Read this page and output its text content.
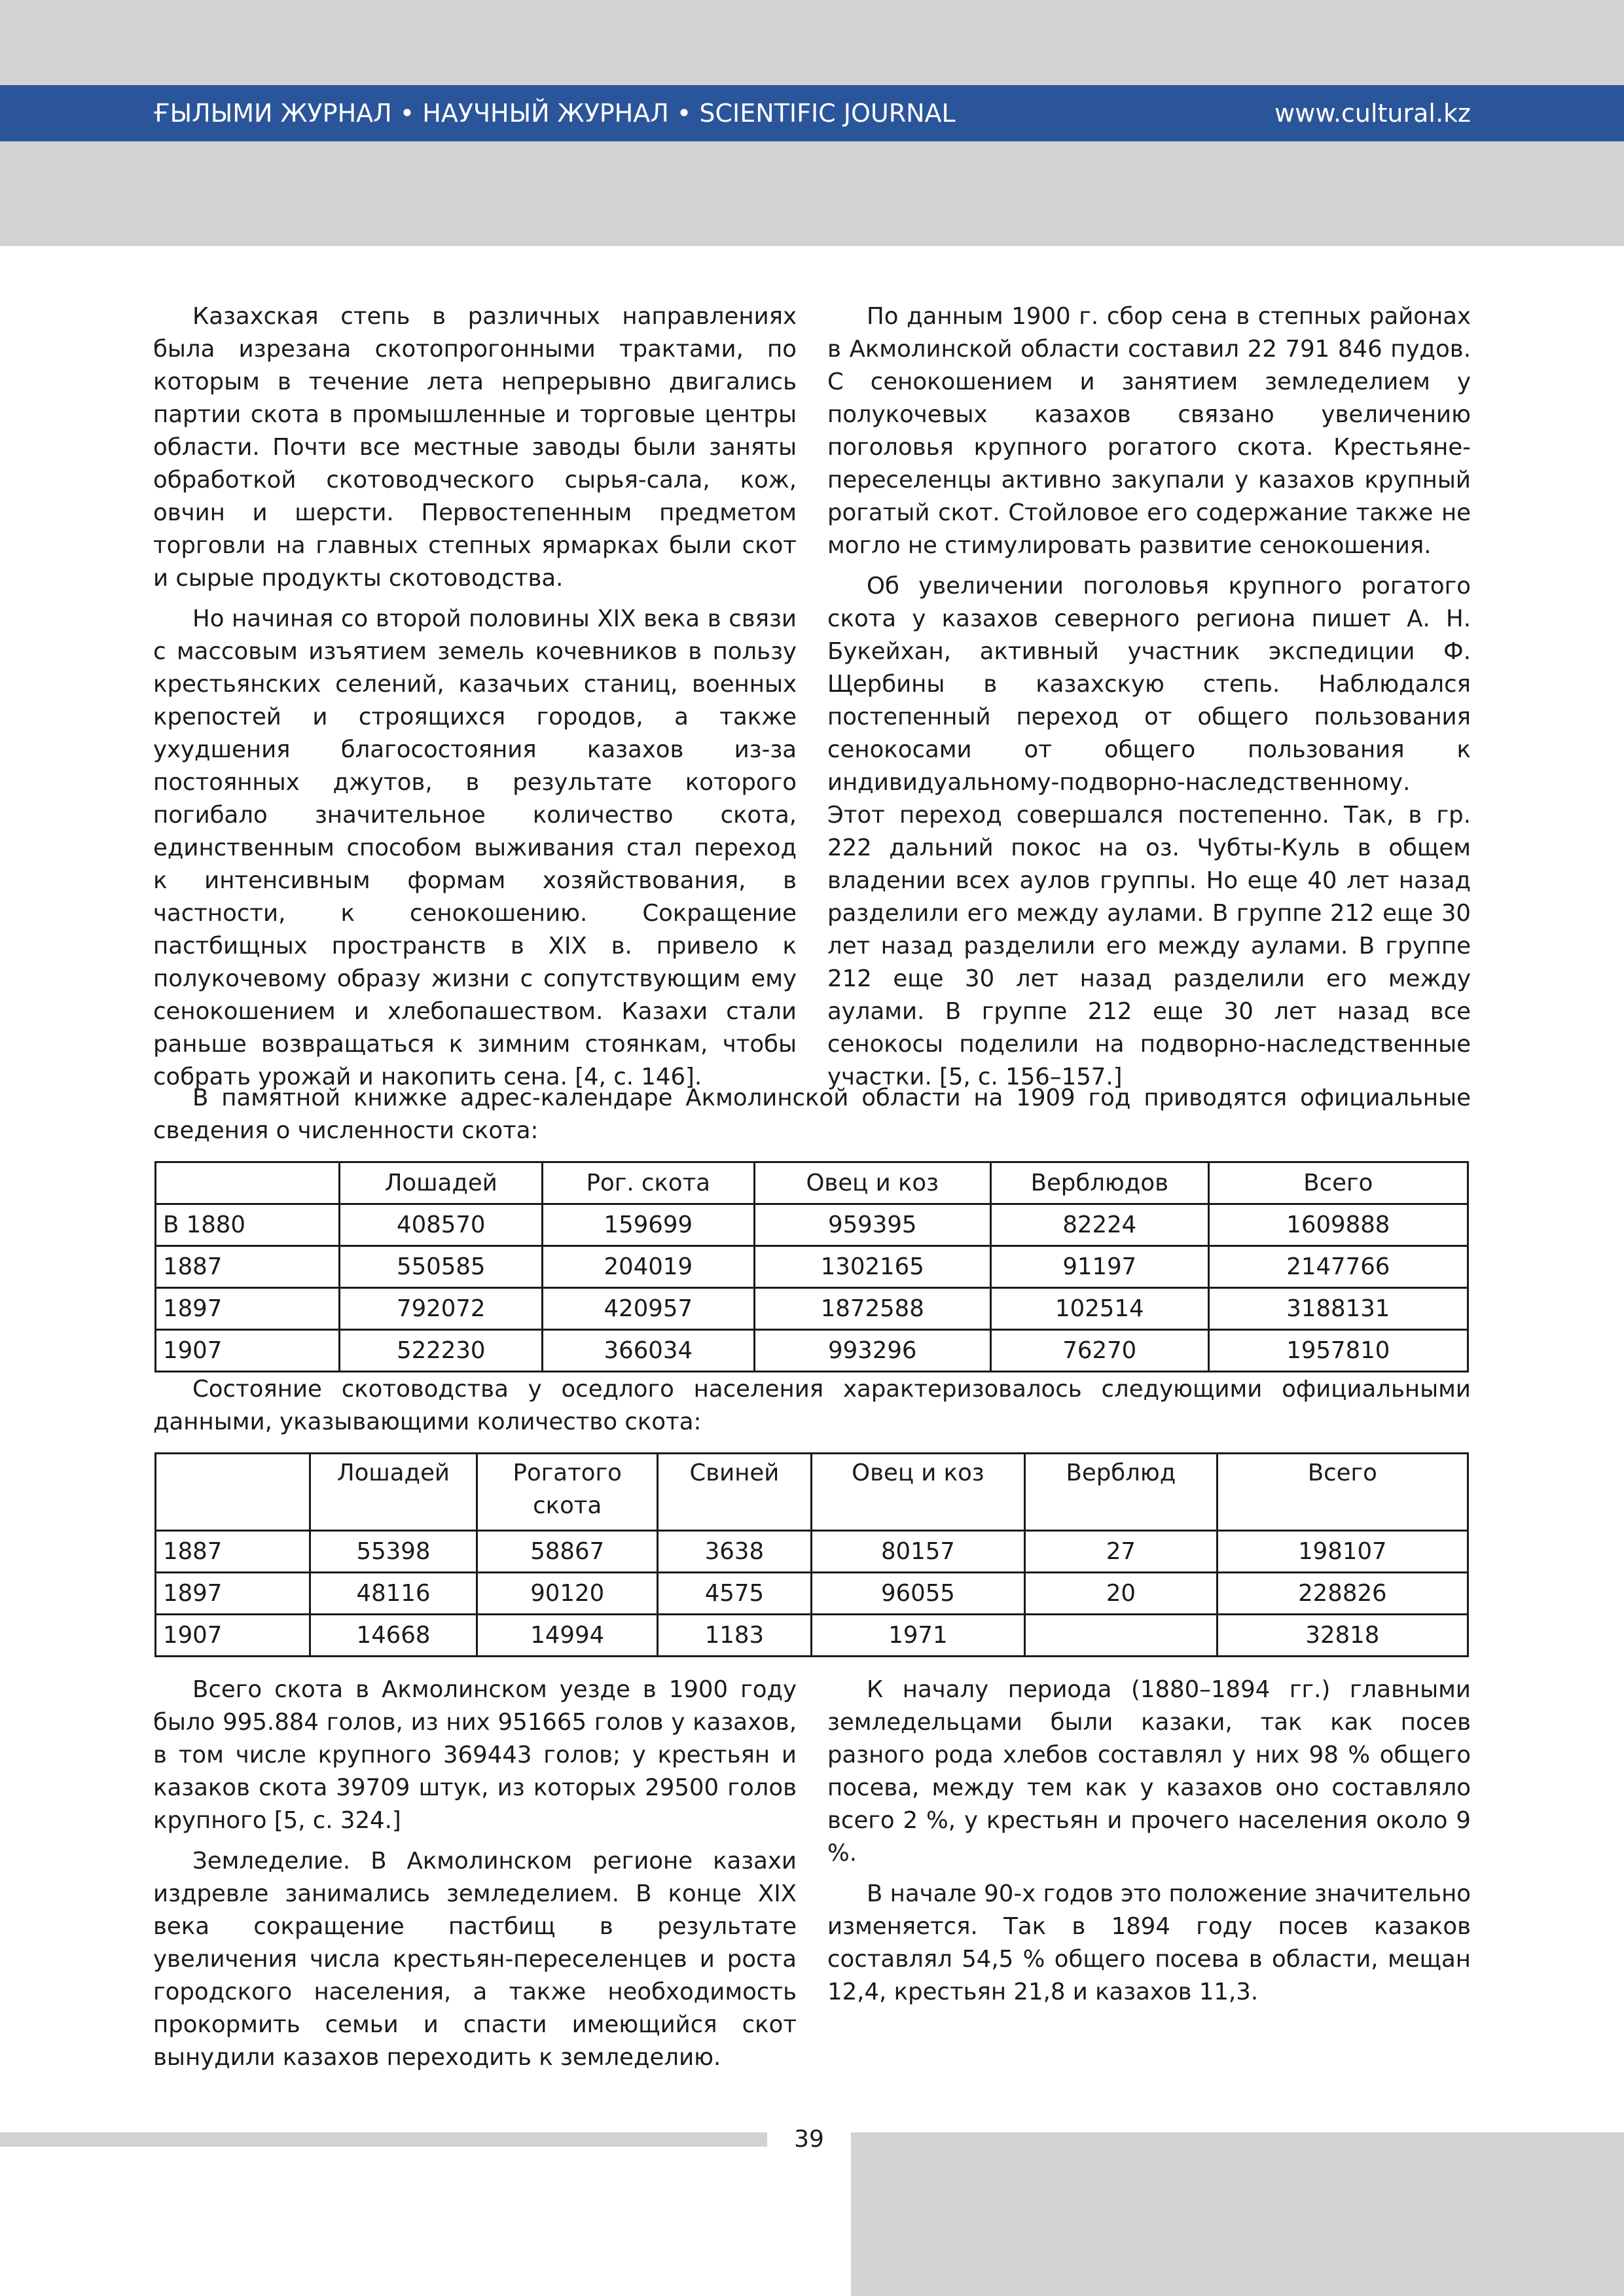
ҒЫЛЫМИ ЖУРНАЛ • НАУЧНЫЙ ЖУРНАЛ • SCIENTIFIC JOURNAL	www.cultural.kz

Казахская степь в различных направлениях была изрезана скотопрогонными трактами, по которым в течение лета непрерывно двигались партии скота в промышленные и торговые центры области. Почти все местные заводы были заняты обработкой скотоводческого сырья-сала, кож, овчин и шерсти. Первостепенным предметом торговли на главных степных ярмарках были скот и сырые продукты скотоводства.

Но начиная со второй половины XIX века в связи с массовым изъятием земель кочевников в пользу крестьянских селений, казачьих станиц, военных крепостей и строящихся городов, а также ухудшения благосостояния казахов из-за постоянных джутов, в результате которого погибало значительное количество скота, единственным способом выживания стал переход к интенсивным формам хозяйствования, в частности, к сенокошению. Сокращение пастбищных пространств в XIX в. привело к полукочевому образу жизни с сопутствующим ему сенокошением и хлебопашеством. Казахи стали раньше возвращаться к зимним стоянкам, чтобы собрать урожай и накопить сена. [4, с. 146].

По данным 1900 г. сбор сена в степных районах в Акмолинской области составил 22 791 846 пудов. С сенокошением и занятием земледелием у полукочевых казахов связано увеличению поголовья крупного рогатого скота. Крестьяне-переселенцы активно закупали у казахов крупный рогатый скот. Стойловое его содержание также не могло не стимулировать развитие сенокошения.

Об увеличении поголовья крупного рогатого скота у казахов северного региона пишет А. Н. Букейхан, активный участник экспедиции Ф. Щербины в казахскую степь. Наблюдался постепенный переход от общего пользования сенокосами от общего пользования к индивидуальному-подворно-наследственному. Этот переход совершался постепенно. Так, в гр. 222 дальний покос на оз. Чубты-Куль в общем владении всех аулов группы. Но еще 40 лет назад разделили его между аулами. В группе 212 еще 30 лет назад разделили его между аулами. В группе 212 еще 30 лет назад разделили его между аулами. В группе 212 еще 30 лет назад все сенокосы поделили на подворно-наследственные участки. [5, с. 156–157.]

В памятной книжке адрес-календаре Акмолинской области на 1909 год приводятся официальные сведения о численности скота:

	Лошадей	Рог. скота	Овец и коз	Верблюдов	Всего
В 1880	408570	159699	959395	82224	1609888
1887	550585	204019	1302165	91197	2147766
1897	792072	420957	1872588	102514	3188131
1907	522230	366034	993296	76270	1957810

Состояние скотоводства у оседлого населения характеризовалось следующими официальными данными, указывающими количество скота:

	Лошадей	Рогатого скота	Свиней	Овец и коз	Верблюд	Всего
1887	55398	58867	3638	80157	27	198107
1897	48116	90120	4575	96055	20	228826
1907	14668	14994	1183	1971		32818

Всего скота в Акмолинском уезде в 1900 году было 995.884 голов, из них 951665 голов у казахов, в том числе крупного 369443 голов; у крестьян и казаков скота 39709 штук, из которых 29500 голов крупного [5, с. 324.]

Земледелие. В Акмолинском регионе казахи издревле занимались земледелием. В конце XIX века сокращение пастбищ в результате увеличения числа крестьян-переселенцев и роста городского населения, а также необходимость прокормить семьи и спасти имеющийся скот вынудили казахов переходить к земледелию.

К началу периода (1880–1894 гг.) главными земледельцами были казаки, так как посев разного рода хлебов составлял у них 98 % общего посева, между тем как у казахов оно составляло всего 2 %, у крестьян и прочего населения около 9 %.

В начале 90-х годов это положение значительно изменяется. Так в 1894 году посев казаков составлял 54,5 % общего посева в области, мещан 12,4, крестьян 21,8 и казахов 11,3.

39
